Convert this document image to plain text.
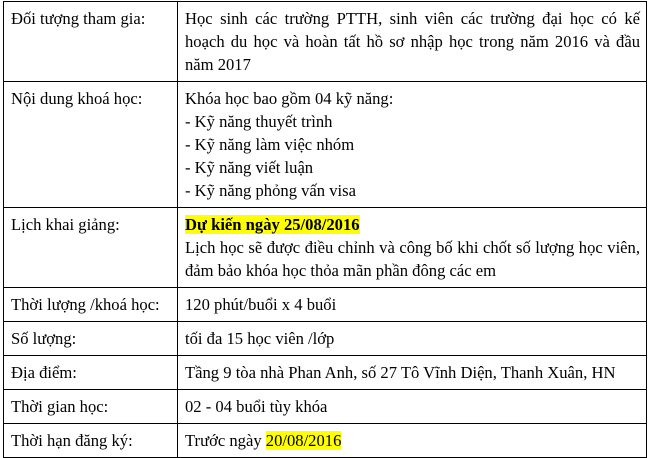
Đối tượng tham gia:	Học sinh các trường PTTH, sinh viên các trường đại học có kế hoạch du học và hoàn tất hồ sơ nhập học trong năm 2016 và đầu năm 2017
Nội dung khoá học:	Khóa học bao gồm 04 kỹ năng:
- Kỹ năng thuyết trình
- Kỹ năng làm việc nhóm
- Kỹ năng viết luận
- Kỹ năng phỏng vấn visa

Lịch khai giảng:	Dự kiến ngày 25/08/2016
Lịch học sẽ được điều chỉnh và công bố khi chốt số lượng học viên, đảm bảo khóa học thỏa mãn phần đông các em

Thời lượng /khoá học:	120 phút/buổi x 4 buổi
Số lượng:	tối đa 15 học viên /lớp
Địa điểm:	Tầng 9 tòa nhà Phan Anh, số 27 Tô Vĩnh Diện, Thanh Xuân, HN
Thời gian học:	02 - 04 buổi tùy khóa
Thời hạn đăng ký:	Trước ngày 20/08/2016
